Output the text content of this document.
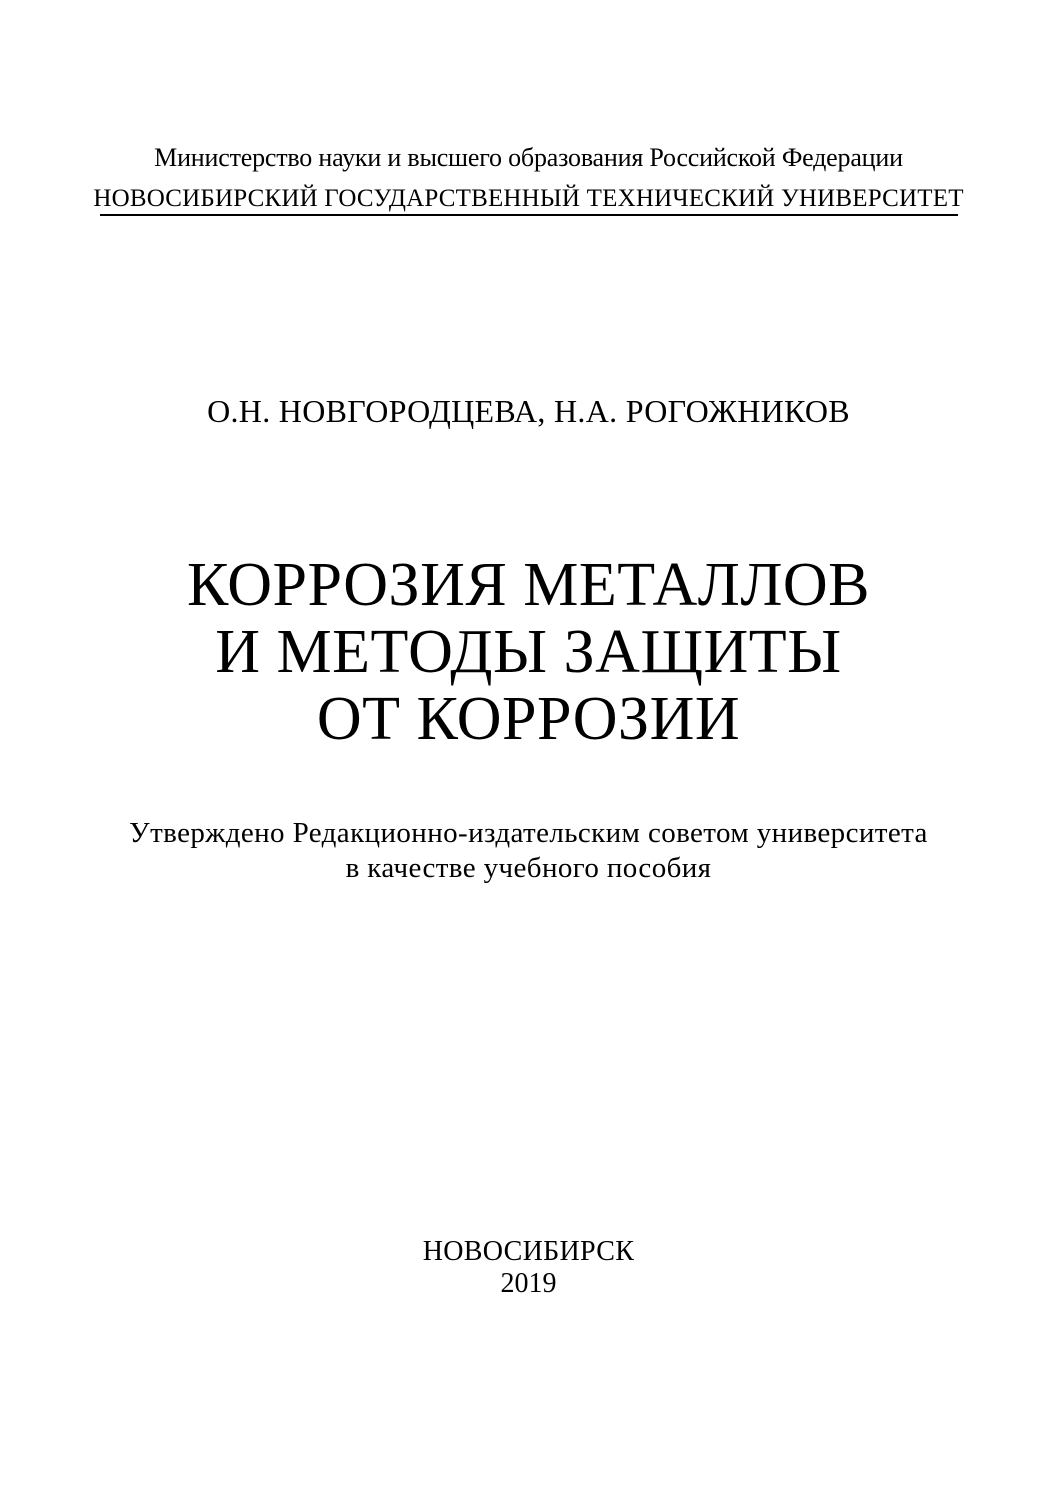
Министерство науки и высшего образования Российской Федерации
НОВОСИБИРСКИЙ ГОСУДАРСТВЕННЫЙ ТЕХНИЧЕСКИЙ УНИВЕРСИТЕТ
О.Н. НОВГОРОДЦЕВА, Н.А. РОГОЖНИКОВ
КОРРОЗИЯ МЕТАЛЛОВ
И МЕТОДЫ ЗАЩИТЫ
ОТ КОРРОЗИИ
Утверждено Редакционно-издательским советом университета
в качестве учебного пособия
НОВОСИБИРСК
2019
